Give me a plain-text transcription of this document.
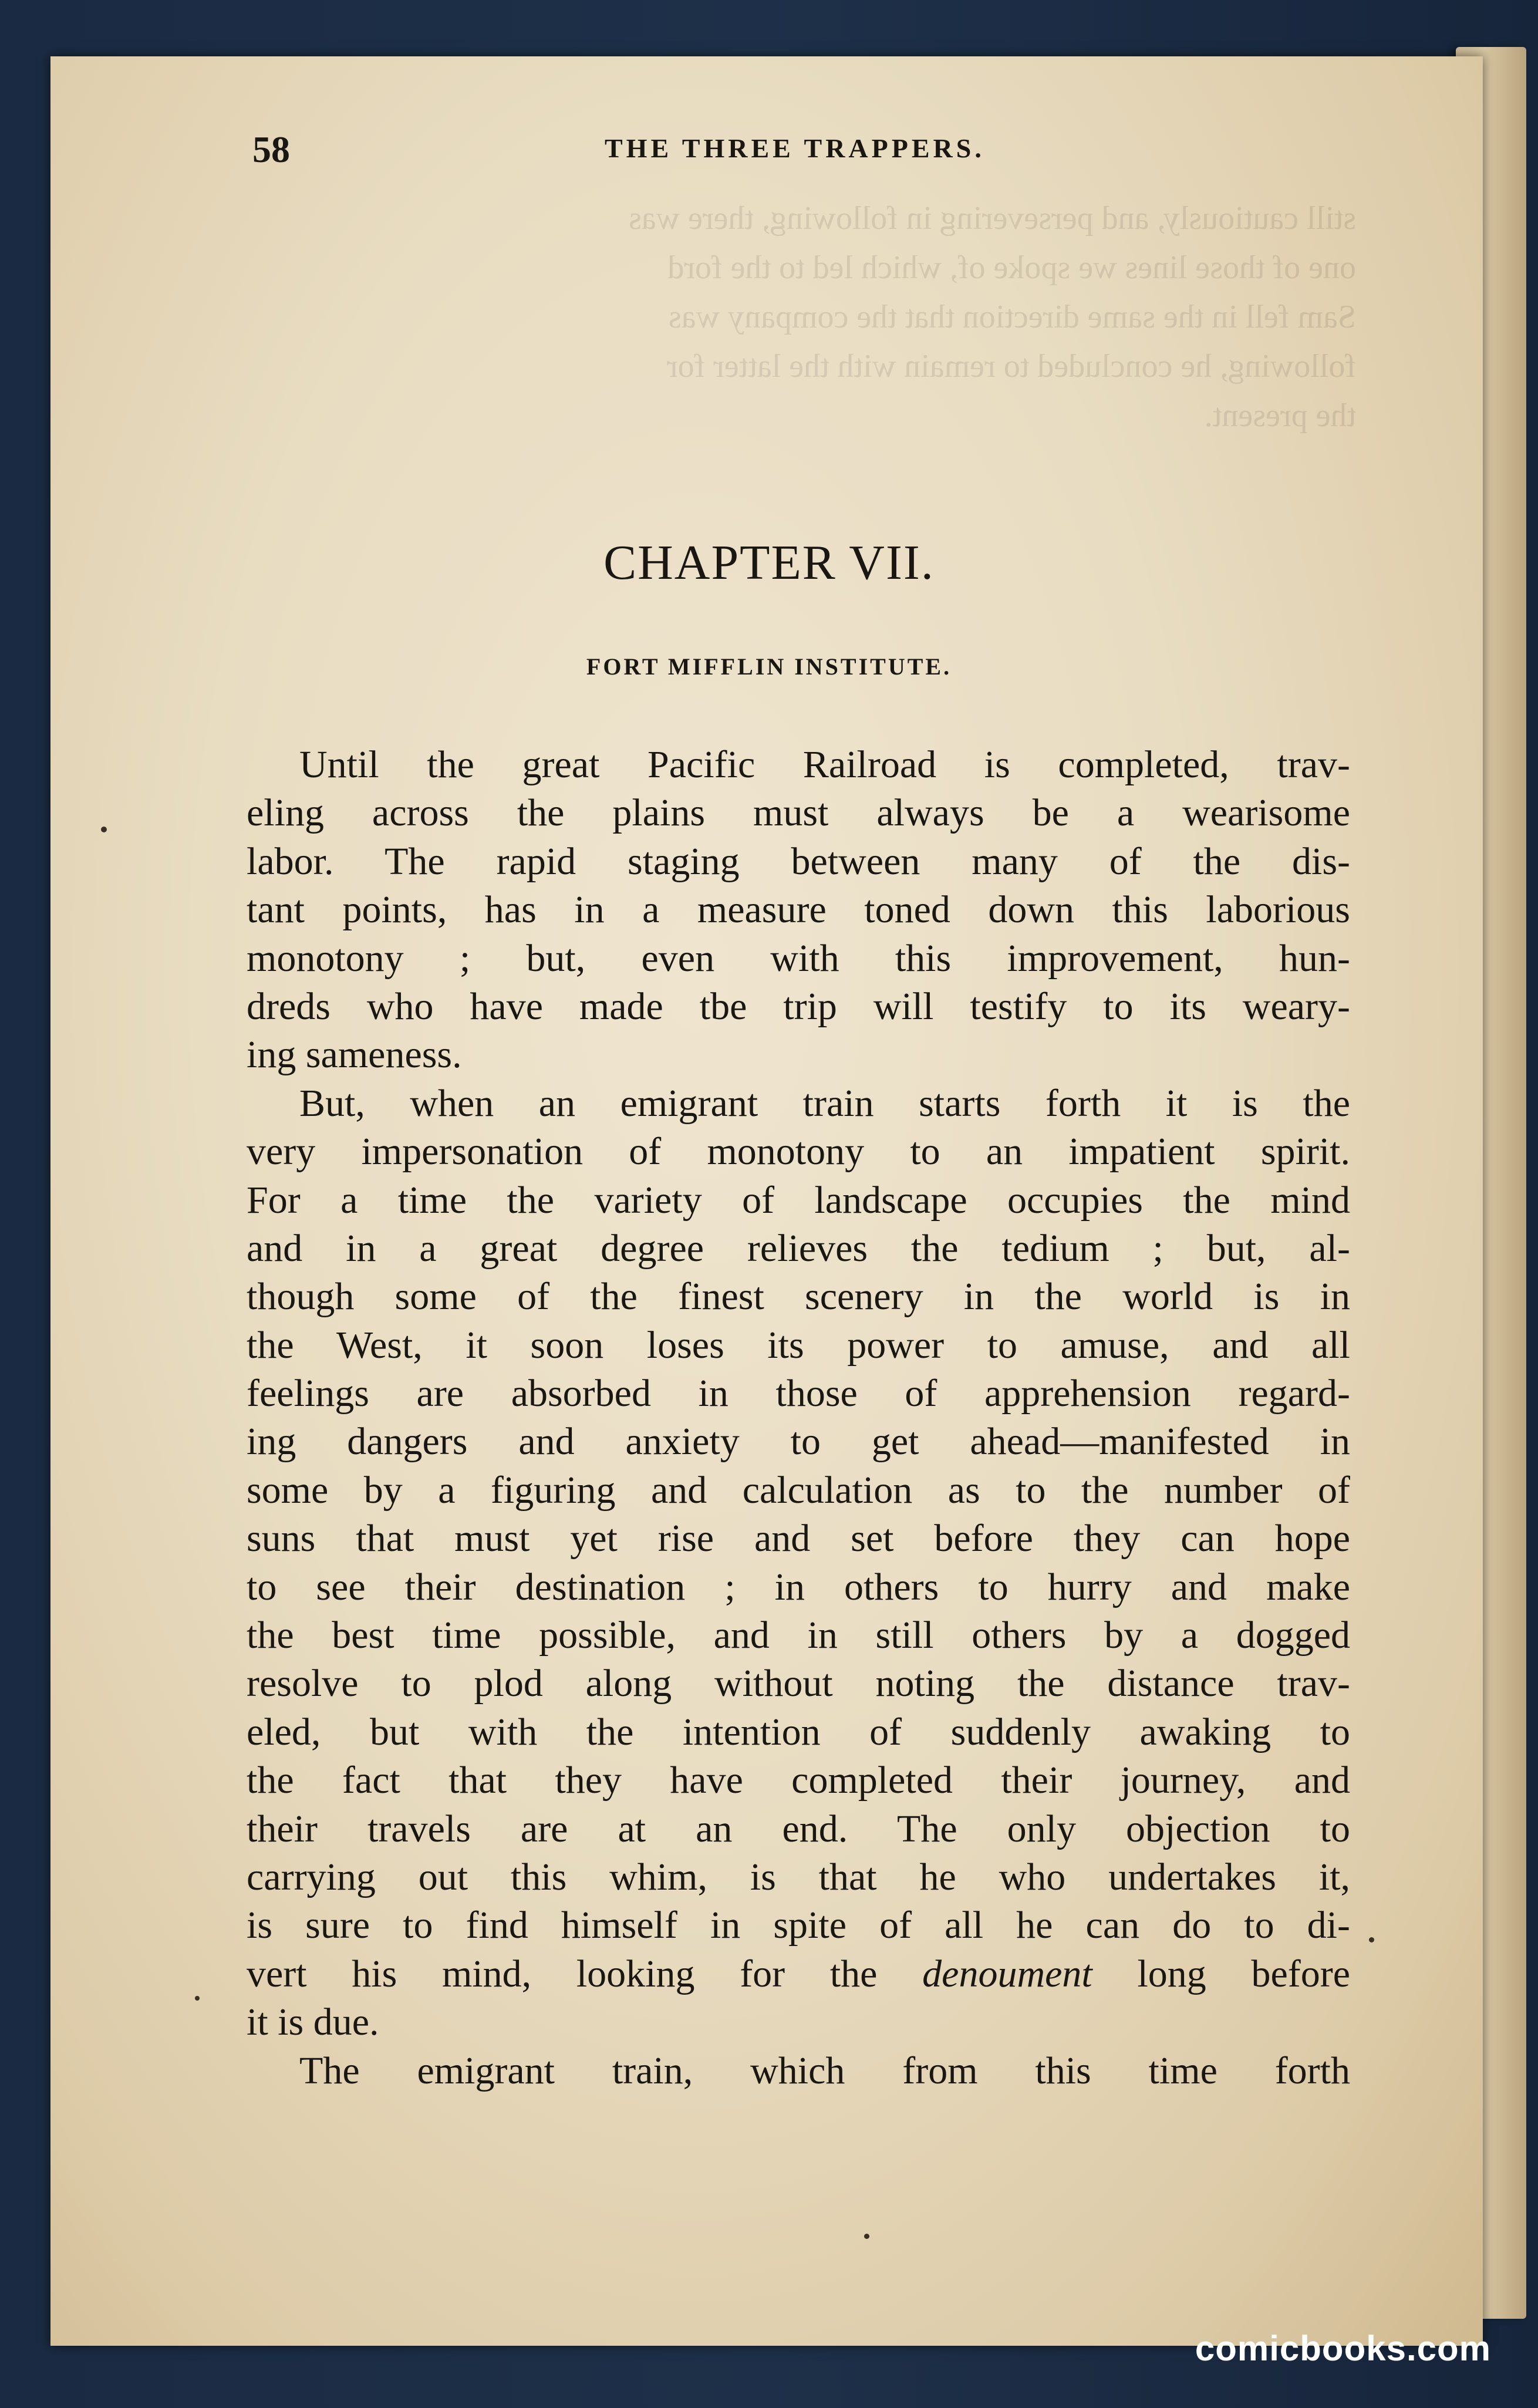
still cautiously, and persevering in following, there was
one of those lines we spoke of, which led to the ford
Sam fell in the same direction that the company was
following, he concluded to remain with the latter for
the present.
58	THE THREE TRAPPERS.
CHAPTER VII.
FORT MIFFLIN INSTITUTE.
Until the great Pacific Railroad is completed, trav-
eling across the plains must always be a wearisome
labor. The rapid staging between many of the dis-
tant points, has in a measure toned down this laborious
monotony ; but, even with this improvement, hun-
dreds who have made tbe trip will testify to its weary-
ing sameness.
But, when an emigrant train starts forth it is the
very impersonation of monotony to an impatient spirit.
For a time the variety of landscape occupies the mind
and in a great degree relieves the tedium ; but, al-
though some of the finest scenery in the world is in
the West, it soon loses its power to amuse, and all
feelings are absorbed in those of apprehension regard-
ing dangers and anxiety to get ahead—manifested in
some by a figuring and calculation as to the number of
suns that must yet rise and set before they can hope
to see their destination ; in others to hurry and make
the best time possible, and in still others by a dogged
resolve to plod along without noting the distance trav-
eled, but with the intention of suddenly awaking to
the fact that they have completed their journey, and
their travels are at an end. The only objection to
carrying out this whim, is that he who undertakes it,
is sure to find himself in spite of all he can do to di-
vert his mind, looking for the denoument long before
it is due.
The emigrant train, which from this time forth
comicbooks.com
